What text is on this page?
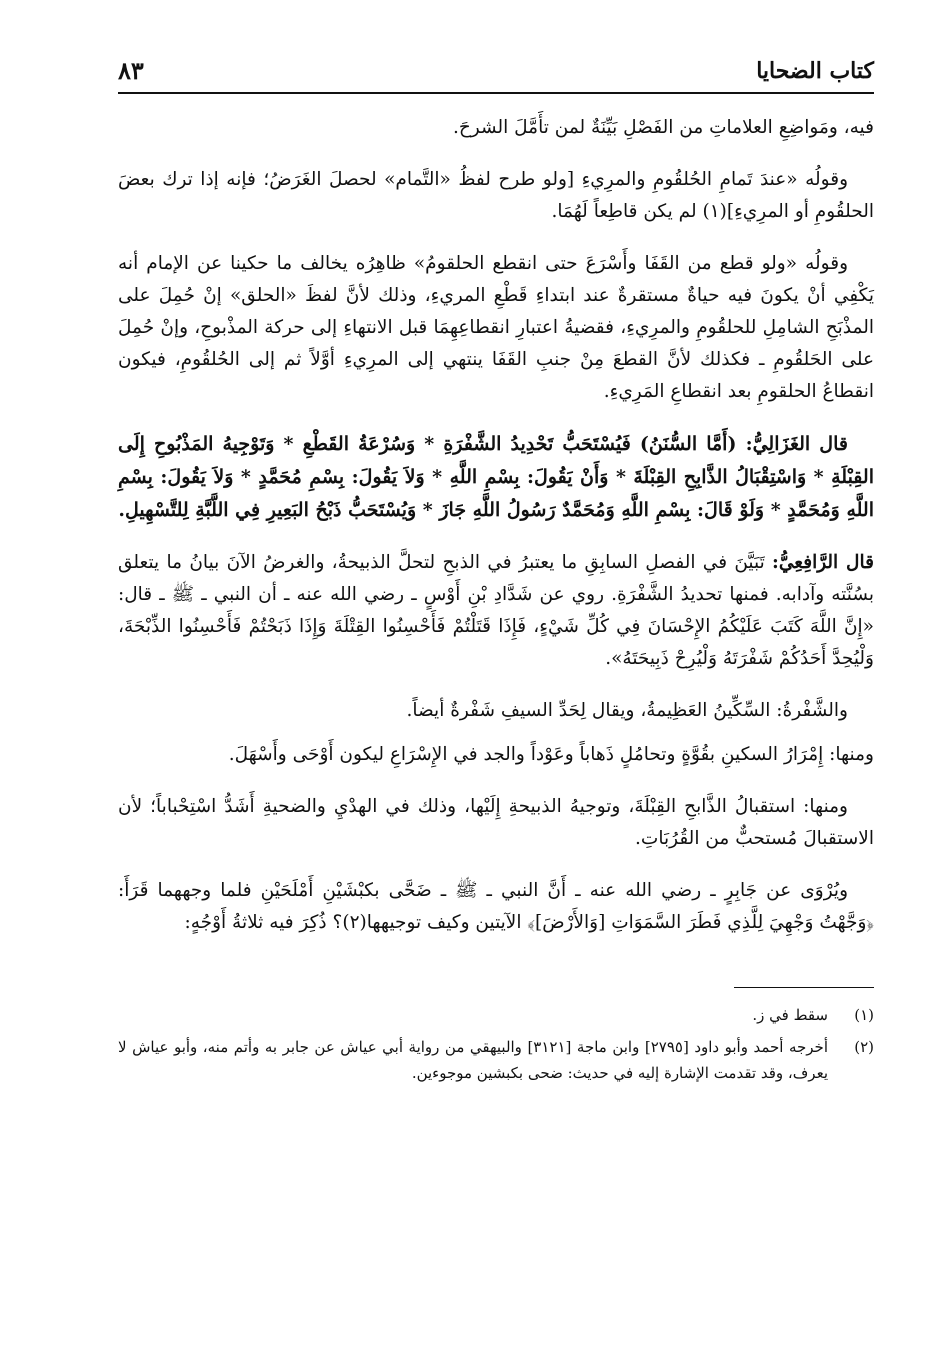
كتاب الضحايا
٨٣

فيه، ومَواضِعِ العلاماتِ من الفَصْلِ بَيِّنَةٌ لمن تأَمَّلَ الشرحَ.

وقولُه «عندَ تَمامِ الحُلقُومِ والمرِيءِ [ولو طرح لفظُ «التَّمام» لحصلَ الغَرَضُ؛ فإنه إذا ترك بعضَ الحلقُومِ أو المرِيءِ](١) لم يكن قاطِعاً لَهُمَا.

وقولُه «ولو قطع من القَفَا وأَسْرَعَ حتى انقطع الحلقومُ» ظاهِرُه يخالف ما حكينا عن الإمام أنه يَكْفِي أنْ يكونَ فيه حياةٌ مستقرةٌ عند ابتداءِ قَطْعِ المريءِ، وذلك لأنَّ لفظَ «الحلق» إنْ حُمِلَ على المذْبَحِ الشامِلِ للحلقُومِ والمرِيءِ، فقضيةُ اعتبارِ انقطاعِهِمَا قبل الانتهاءِ إلى حركة المذْبوحِ، وإنْ حُمِلَ على الحَلقُومِ ـ فكذلك لأنَّ القطعَ مِنْ جنبِ القَفَا ينتهي إلى المرِيءِ أوَّلاً ثم إلى الحُلقُومِ، فيكون انقطاعُ الحلقومِ بعد انقطاعِ المَرِيءِ.

قال الغَزَالِيُّ: (أَمَّا السُّنَنُ) فَيُسْتَحَبُّ تَحْدِيدُ الشَّفْرَةِ * وَسُرْعَةُ القَطْعِ * وَتَوْجِيهُ المَذْبُوحِ إِلَى القِبْلَةِ * وَاسْتِقْبَالُ الذَّابِحِ القِبْلَةَ * وَأَنْ يَقُولَ: بِسْمِ اللَّهِ * وَلاَ يَقُولَ: بِسْمِ مُحَمَّدٍ * وَلاَ يَقُولَ: بِسْمِ اللَّهِ وَمُحَمَّدٍ * وَلَوْ قَالَ: بِسْمِ اللَّهِ وَمُحَمَّدٌ رَسُولُ اللَّهِ جَازَ * وَيُسْتَحَبُّ ذَبْحُ البَعِيرِ فِي اللَّبَّةِ لِلتَّسْهِيلِ.

قال الرَّافِعِيُّ: تَبَيَّنَ في الفصلِ السابِقِ ما يعتبرُ في الذبحِ لتحلَّ الذبيحةُ، والغرضُ الآنَ بيانُ ما يتعلق بسُنَّته وآدابه. فمنها تحديدُ الشَّفْرَةِ. روي عن شَدَّادِ بْنِ أَوْسٍ ـ رضي الله عنه ـ أن النبي ـ ﷺ ـ قال: «إِنَّ اللَّهَ كَتَبَ عَلَيْكُمُ الإِحْسَانَ فِي كُلِّ شَيْءٍ، فَإِذَا قَتَلْتُمْ فَأَحْسِنُوا القِتْلَةَ وَإِذَا ذَبَحْتُمْ فَأَحْسِنُوا الذِّبْحَةَ، وَلْيُحِدَّ أَحَدُكُمْ شَفْرَتَهُ وَلْيُرِحْ ذَبِيحَتَهُ».

والشَّفْرةُ: السِّكِّينُ العَظِيمةُ، ويقال لِحَدِّ السيفِ شَفْرةٌ أيضاً.

ومنها: إِمْرَارُ السكينِ بقُوَّةٍ وتحامُلٍ ذَهاباً وعَوْداً والجد في الإِسْرَاعِ ليكون أَوْحَى وأَسْهَلَ.

ومنها: استقبالُ الذَّابحِ القِبْلَةَ، وتوجيهُ الذبيحةِ إِلَيْها، وذلك في الهدْيِ والضحيةِ أَشَدُّ اسْتِحْباباً؛ لأن الاستقبالَ مُستحبٌّ من القُرُبَاتِ.

ويُرْوَى عن جَابِرٍ ـ رضي الله عنه ـ أَنَّ النبي ـ ﷺ ـ ضَحَّى بكبْشَيْنِ أَمْلَحَيْنِ فلما وجههما قَرَأَ: ﴿وَجَّهْتُ وَجْهِيَ لِلَّذِي فَطَرَ السَّمَوَاتِ [وَالأَرْضَ]﴾ الآيتين وكيف توجيهها(٢)؟ ذُكِرَ فيه ثلاثةُ أَوْجُهٍ:

(١)
سقط في ز.
(٢)
أخرجه أحمد وأبو داود [٢٧٩٥] وابن ماجة [٣١٢١] والبيهقي من رواية أبي عياش عن جابر به وأتم منه، وأبو عياش لا يعرف، وقد تقدمت الإشارة إليه في حديث: ضحى بكبشين موجوءين.
